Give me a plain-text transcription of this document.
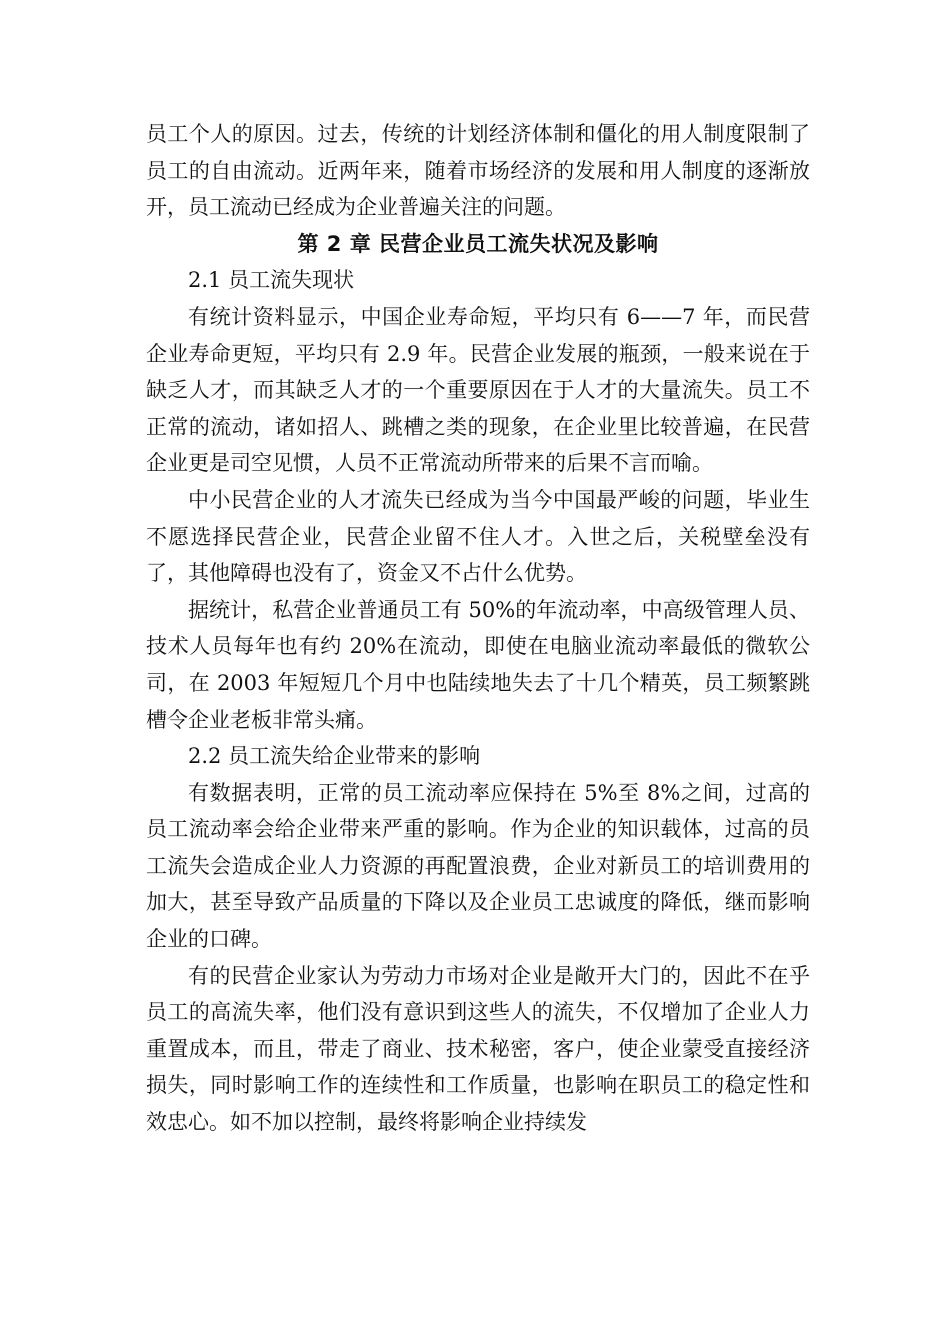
员工个人的原因。过去，传统的计划经济体制和僵化的用人制度限制了员工的自由流动。近两年来，随着市场经济的发展和用人制度的逐渐放开，员工流动已经成为企业普遍关注的问题。

第 2 章 民营企业员工流失状况及影响

2.1 员工流失现状

有统计资料显示，中国企业寿命短，平均只有 6——7 年，而民营企业寿命更短，平均只有 2.9 年。民营企业发展的瓶颈，一般来说在于缺乏人才，而其缺乏人才的一个重要原因在于人才的大量流失。员工不正常的流动，诸如招人、跳槽之类的现象，在企业里比较普遍，在民营企业更是司空见惯，人员不正常流动所带来的后果不言而喻。

中小民营企业的人才流失已经成为当今中国最严峻的问题，毕业生不愿选择民营企业，民营企业留不住人才。入世之后，关税壁垒没有了，其他障碍也没有了，资金又不占什么优势。

据统计，私营企业普通员工有 50%的年流动率，中高级管理人员、技术人员每年也有约 20%在流动，即使在电脑业流动率最低的微软公司，在 2003 年短短几个月中也陆续地失去了十几个精英，员工频繁跳槽令企业老板非常头痛。

2.2 员工流失给企业带来的影响

有数据表明，正常的员工流动率应保持在 5%至 8%之间，过高的员工流动率会给企业带来严重的影响。作为企业的知识载体，过高的员工流失会造成企业人力资源的再配置浪费，企业对新员工的培训费用的加大，甚至导致产品质量的下降以及企业员工忠诚度的降低，继而影响企业的口碑。

有的民营企业家认为劳动力市场对企业是敞开大门的，因此不在乎员工的高流失率，他们没有意识到这些人的流失，不仅增加了企业人力重置成本，而且，带走了商业、技术秘密，客户，使企业蒙受直接经济损失，同时影响工作的连续性和工作质量，也影响在职员工的稳定性和效忠心。如不加以控制，最终将影响企业持续发
